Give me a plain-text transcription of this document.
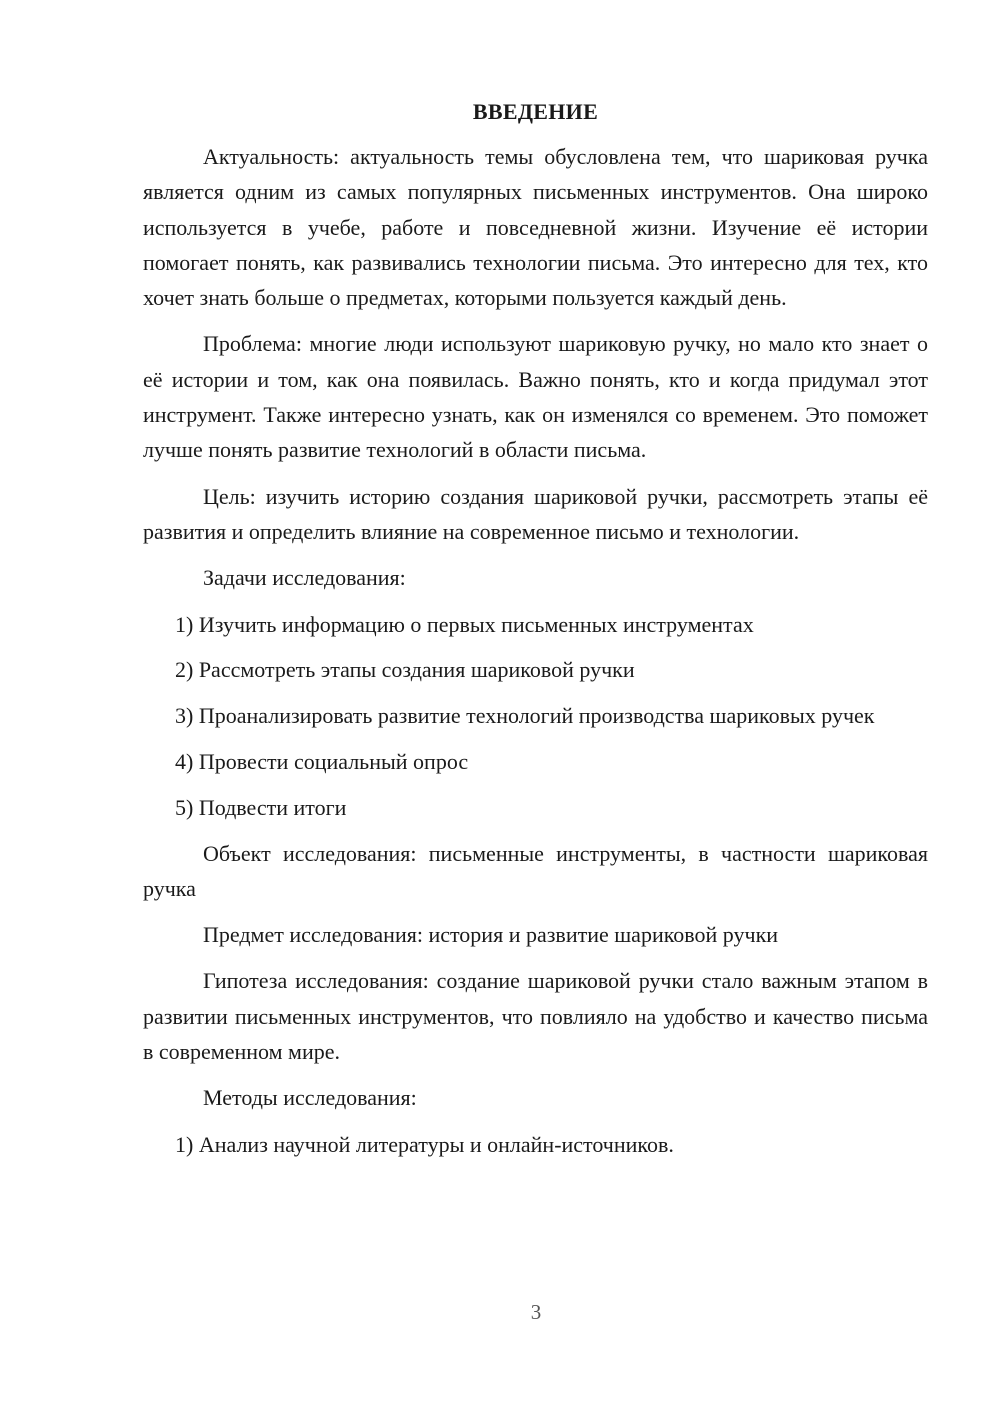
ВВЕДЕНИЕ

Актуальность: актуальность темы обусловлена тем, что шариковая ручка является одним из самых популярных письменных инструментов. Она широко используется в учебе, работе и повседневной жизни. Изучение её истории помогает понять, как развивались технологии письма. Это интересно для тех, кто хочет знать больше о предметах, которыми пользуется каждый день.

Проблема: многие люди используют шариковую ручку, но мало кто знает о её истории и том, как она появилась. Важно понять, кто и когда придумал этот инструмент. Также интересно узнать, как он изменялся со временем. Это поможет лучше понять развитие технологий в области письма.

Цель: изучить историю создания шариковой ручки, рассмотреть этапы её развития и определить влияние на современное письмо и технологии.

Задачи исследования:

1) Изучить информацию о первых письменных инструментах

2) Рассмотреть этапы создания шариковой ручки

3) Проанализировать развитие технологий производства шариковых ручек

4) Провести социальный опрос

5) Подвести итоги

Объект исследования: письменные инструменты, в частности шариковая ручка

Предмет исследования: история и развитие шариковой ручки

Гипотеза исследования: создание шариковой ручки стало важным этапом в развитии письменных инструментов, что повлияло на удобство и качество письма в современном мире.

Методы исследования:

1) Анализ научной литературы и онлайн-источников.

3
